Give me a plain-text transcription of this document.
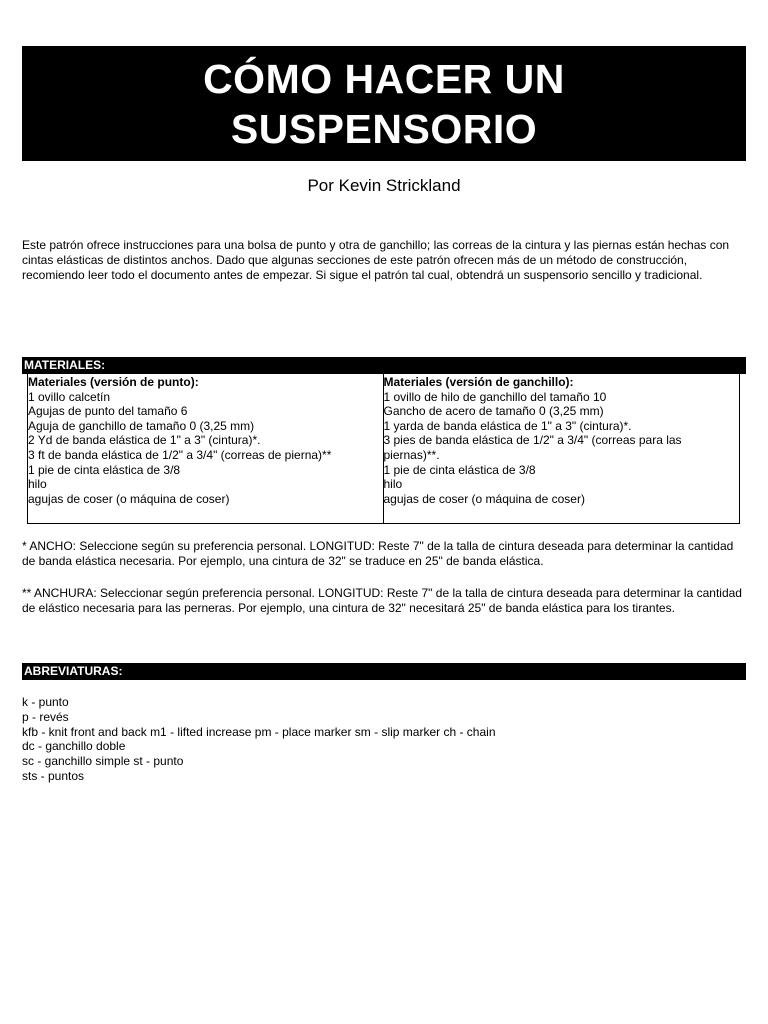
CÓMO HACER UN
SUSPENSORIO
Por Kevin Strickland
Este patrón ofrece instrucciones para una bolsa de punto y otra de ganchillo; las correas de la cintura y las piernas están hechas con cintas elásticas de distintos anchos. Dado que algunas secciones de este patrón ofrecen más de un método de construcción, recomiendo leer todo el documento antes de empezar. Si sigue el patrón tal cual, obtendrá un suspensorio sencillo y tradicional.
MATERIALES:
Materiales (versión de punto):
1 ovillo calcetín
Agujas de punto del tamaño 6
Aguja de ganchillo de tamaño 0 (3,25 mm)
2 Yd de banda elástica de 1" a 3" (cintura)*.
3 ft de banda elástica de 1/2" a 3/4" (correas de pierna)**
1 pie de cinta elástica de 3/8
hilo
agujas de coser (o máquina de coser)
Materiales (versión de ganchillo):
1 ovillo de hilo de ganchillo del tamaño 10
Gancho de acero de tamaño 0 (3,25 mm)
1 yarda de banda elástica de 1" a 3" (cintura)*.
3 pies de banda elástica de 1/2" a 3/4" (correas para las piernas)**.
1 pie de cinta elástica de 3/8
hilo
agujas de coser (o máquina de coser)
* ANCHO: Seleccione según su preferencia personal. LONGITUD: Reste 7" de la talla de cintura deseada para determinar la cantidad de banda elástica necesaria. Por ejemplo, una cintura de 32" se traduce en 25" de banda elástica.
** ANCHURA: Seleccionar según preferencia personal. LONGITUD: Reste 7" de la talla de cintura deseada para determinar la cantidad de elástico necesaria para las perneras. Por ejemplo, una cintura de 32" necesitará 25" de banda elástica para los tirantes.
ABREVIATURAS:
k - punto
p - revés
kfb - knit front and back m1 - lifted increase pm - place marker sm - slip marker ch - chain
dc - ganchillo doble
sc - ganchillo simple st - punto
sts - puntos
